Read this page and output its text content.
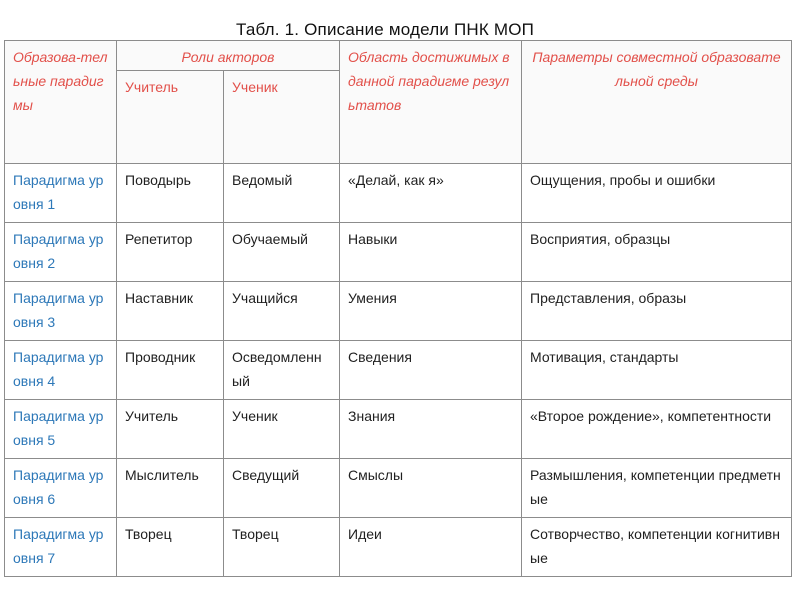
Табл. 1. Описание модели ПНК МОП
Образова-тельные парадигмы	Роли акторов		Область достижимых в данной парадигме результатов	Параметры совместной образовательной среды
	Учитель	Ученик		
Парадигма уровня 1	Поводырь	Ведомый	«Делай, как я»	Ощущения, пробы и ошибки
Парадигма уровня 2	Репетитор	Обучаемый	Навыки	Восприятия, образцы
Парадигма уровня 3	Наставник	Учащийся	Умения	Представления, образы
Парадигма уровня 4	Проводник	Осведомленный	Сведения	Мотивация, стандарты
Парадигма уровня 5	Учитель	Ученик	Знания	«Второе рождение», компетентности
Парадигма уровня 6	Мыслитель	Сведущий	Смыслы	Размышления, компетенции предметные
Парадигма уровня 7	Творец	Творец	Идеи	Сотворчество, компетенции когнитивные
